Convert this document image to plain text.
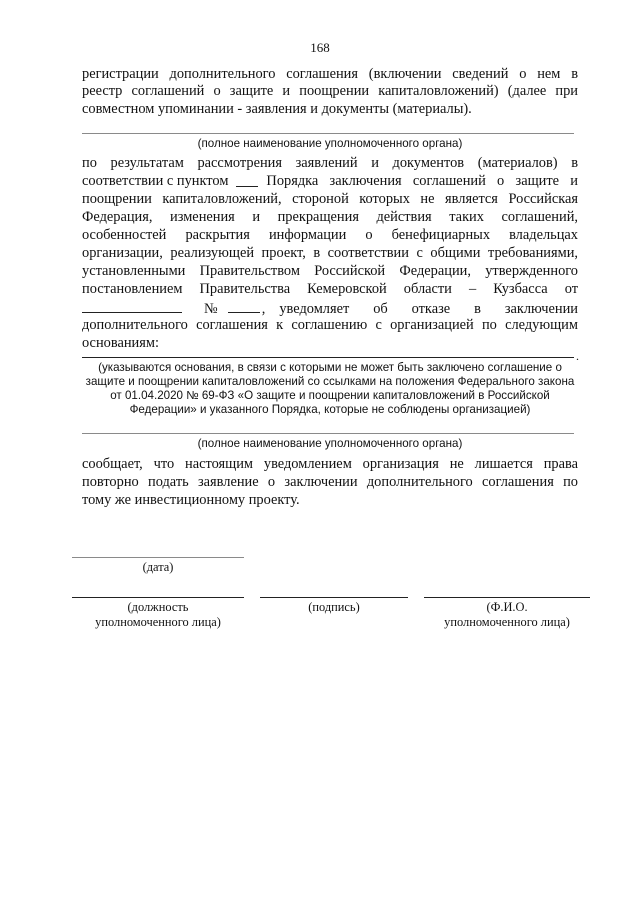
168
регистрации дополнительного соглашения (включении сведений о нем в
реестр соглашений о защите и поощрении капиталовложений) (далее при
совместном упоминании - заявления и документы (материалы).
(полное наименование уполномоченного органа)
по результатам рассмотрения заявлений и документов (материалов) в
соответствии с пунктом	Порядка заключения соглашений о защите и
поощрении капиталовложений, стороной которых не является Российская
Федерация, изменения и прекращения действия таких соглашений,
особенностей раскрытия информации о бенефициарных владельцах
организации, реализующей проект, в соответствии с общими требованиями,
установленными Правительством Российской Федерации, утвержденного
постановлением Правительства Кемеровской области – Кузбасса от
№	, уведомляет об отказе в заключении
дополнительного соглашения к соглашению с организацией по следующим
основаниям:
.
(указываются основания, в связи с которыми не может быть заключено соглашение о
защите и поощрении капиталовложений со ссылками на положения Федерального закона
от 01.04.2020 № 69-ФЗ «О защите и поощрении капиталовложений в Российской
Федерации» и указанного Порядка, которые не соблюдены организацией)
(полное наименование уполномоченного органа)
сообщает, что настоящим уведомлением организация не лишается права
повторно подать заявление о заключении дополнительного соглашения по
тому же инвестиционному проекту.
(дата)
(должность
уполномоченного лица)
(подпись)	(Ф.И.О.
уполномоченного лица)
